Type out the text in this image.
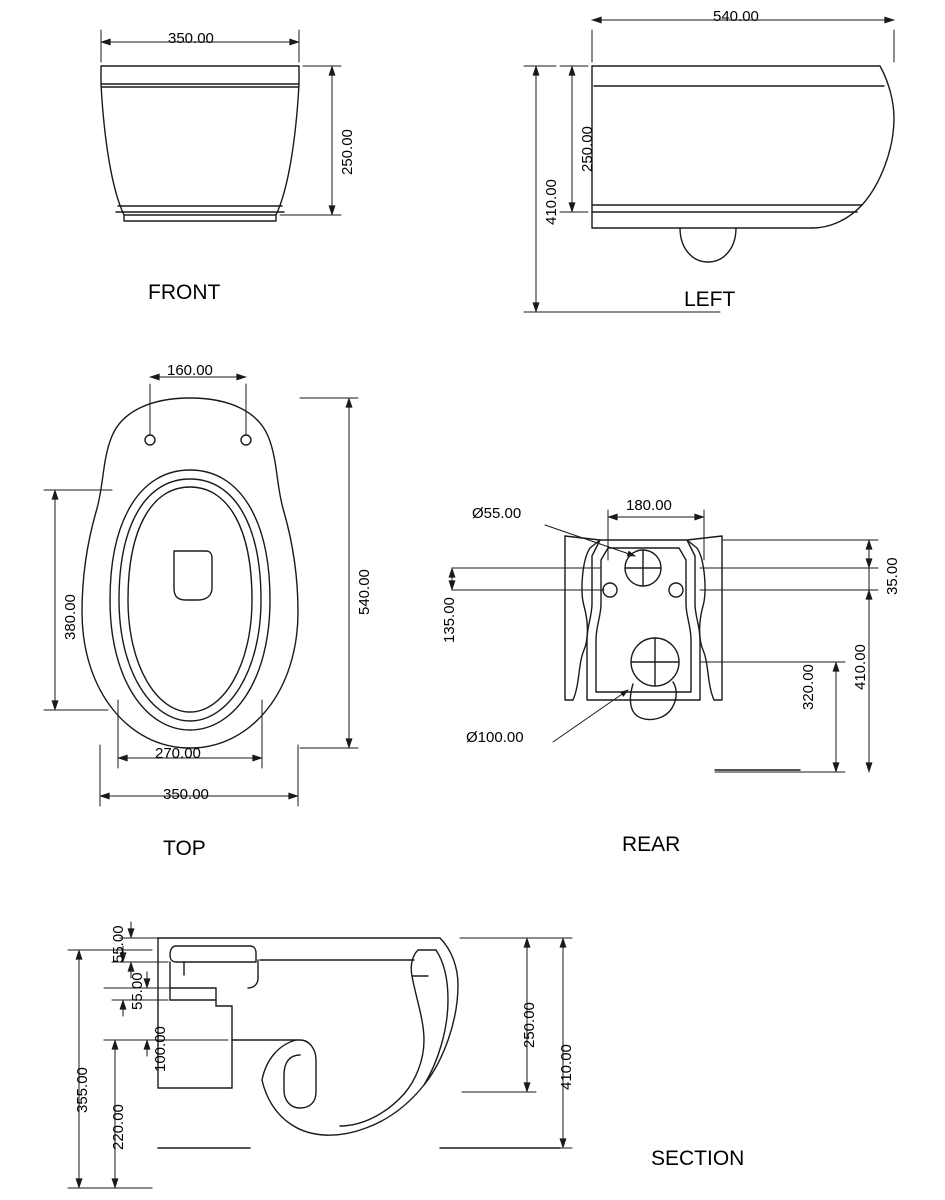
FRONT	LEFT
TOP	REAR
SECTION
350.00
250.00
540.00
250.00
410.00
160.00
540.00
380.00
270.00
350.00
Ø55.00	180.00
35.00
135.00
Ø100.00
320.00 410.00
55.00
55.00
100.00
250.00
410.00
355.00
220.00
